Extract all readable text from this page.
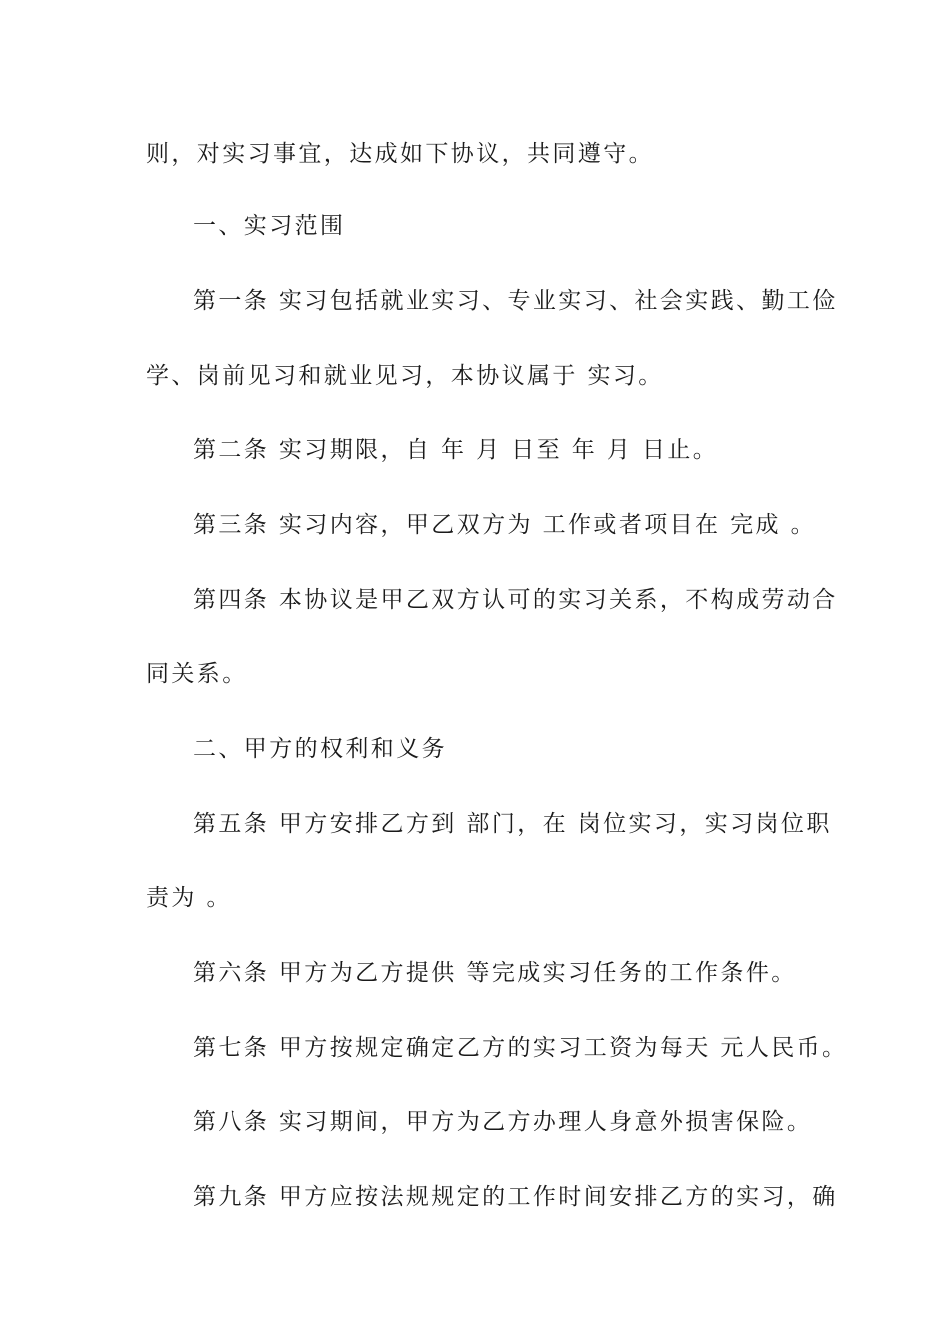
则，对实习事宜，达成如下协议，共同遵守。
一、实习范围
第一条 实习包括就业实习、专业实习、社会实践、勤工俭
学、岗前见习和就业见习，本协议属于 实习。
第二条 实习期限，自 年 月 日至 年 月 日止。
第三条 实习内容，甲乙双方为 工作或者项目在 完成 。
第四条 本协议是甲乙双方认可的实习关系，不构成劳动合
同关系。
二、甲方的权利和义务
第五条 甲方安排乙方到 部门，在 岗位实习，实习岗位职
责为 。
第六条 甲方为乙方提供 等完成实习任务的工作条件。
第七条 甲方按规定确定乙方的实习工资为每天 元人民币。
第八条 实习期间，甲方为乙方办理人身意外损害保险。
第九条 甲方应按法规规定的工作时间安排乙方的实习，确
